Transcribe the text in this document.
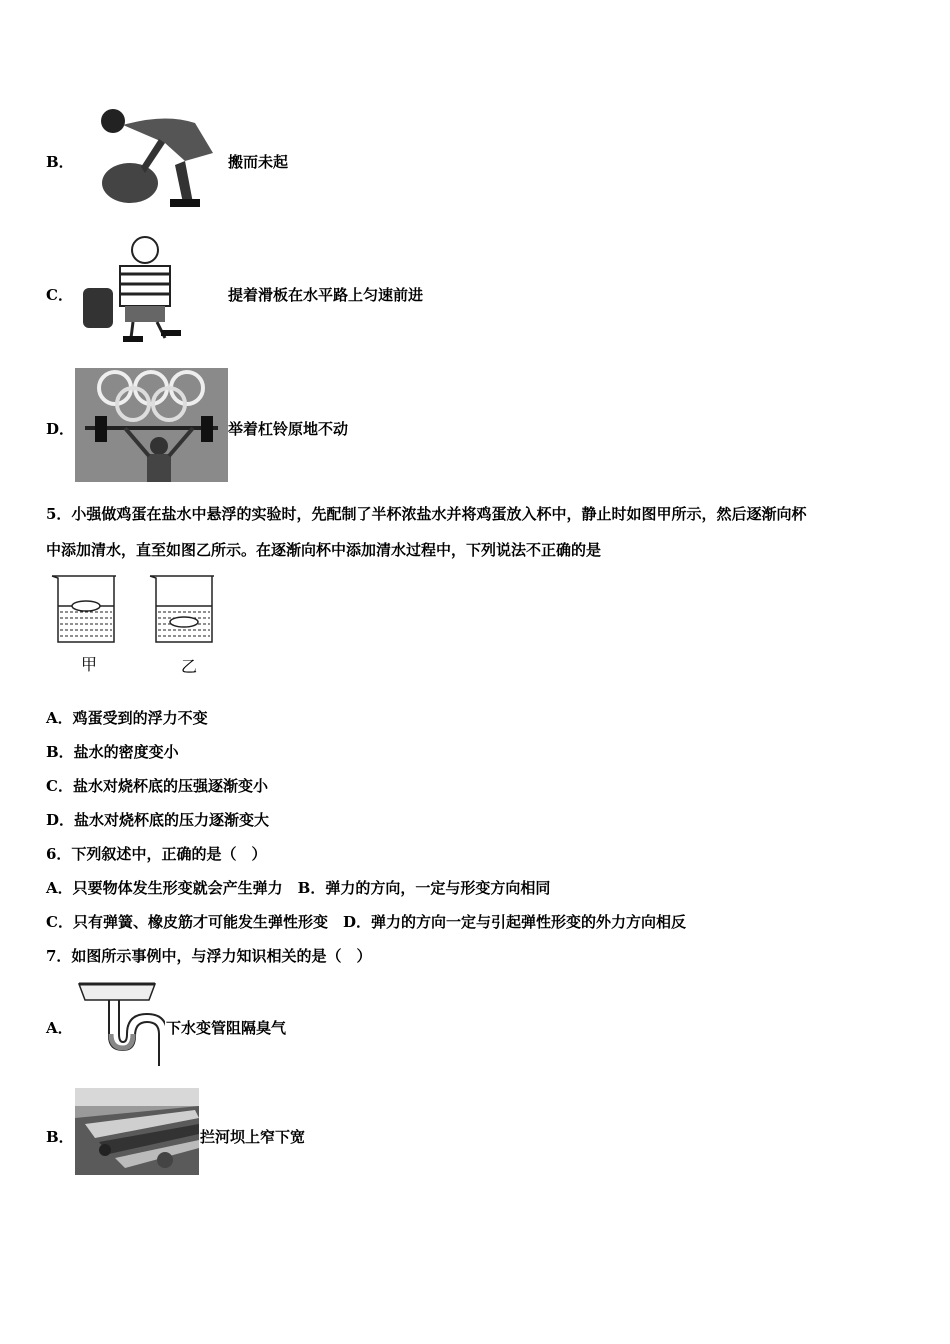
B．	搬而未起
C．	提着滑板在水平路上匀速前进
D．	举着杠铃原地不动
5．小强做鸡蛋在盐水中悬浮的实验时，先配制了半杯浓盐水并将鸡蛋放入杯中，静止时如图甲所示，然后逐渐向杯
中添加清水，直至如图乙所示。在逐渐向杯中添加清水过程中，下列说法不正确的是
甲	乙
A．鸡蛋受到的浮力不变
B．盐水的密度变小
C．盐水对烧杯底的压强逐渐变小
D．盐水对烧杯底的压力逐渐变大
6．下列叙述中，正确的是（　）
A．只要物体发生形变就会产生弹力　B．弹力的方向，一定与形变方向相同
C．只有弹簧、橡皮筋才可能发生弹性形变　D．弹力的方向一定与引起弹性形变的外力方向相反
7．如图所示事例中，与浮力知识相关的是（　）
A．	下水变管阻隔臭气
B．	拦河坝上窄下宽
